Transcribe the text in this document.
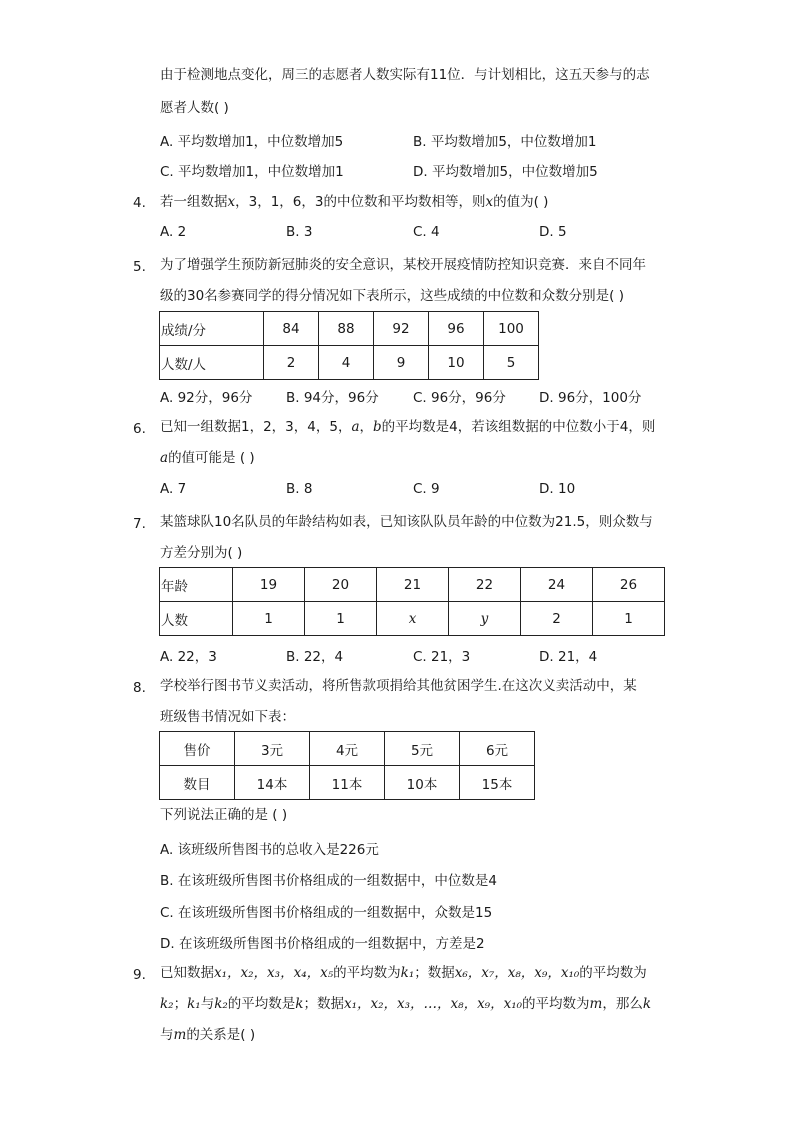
由于检测地点变化，周三的志愿者人数实际有11位．与计划相比，这五天参与的志
愿者人数( )
A. 平均数增加1，中位数增加5	B. 平均数增加5，中位数增加1
C. 平均数增加1，中位数增加1	D. 平均数增加5，中位数增加5
4. 若一组数据x，3，1，6，3的中位数和平均数相等，则x的值为( )
A. 2	B. 3	C. 4	D. 5
5. 为了增强学生预防新冠肺炎的安全意识，某校开展疫情防控知识竞赛．来自不同年
级的30名参赛同学的得分情况如下表所示，这些成绩的中位数和众数分别是( )
成绩/分	84	88	92	96	100
人数/人	2	4	9	10	5
A. 92分，96分 B. 94分，96分	C. 96分，96分 D. 96分，100分
6. 已知一组数据1，2，3，4，5，a，b的平均数是4，若该组数据的中位数小于4，则
a的值可能是 ( )
A. 7	B. 8	C. 9	D. 10
7. 某篮球队10名队员的年龄结构如表，已知该队队员年龄的中位数为21.5，则众数与
方差分别为( )
年龄	19	20	21	22	24	26
人数	1	1	x	y	2	1
A. 22，3	B. 22，4	C. 21，3	D. 21，4
8. 学校举行图书节义卖活动，将所售款项捐给其他贫困学生.在这次义卖活动中，某
班级售书情况如下表：
售价	3元	4元	5元	6元
数目	14本	11本	10本	15本
下列说法正确的是 ( )
A. 该班级所售图书的总收入是226元
B. 在该班级所售图书价格组成的一组数据中，中位数是4
C. 在该班级所售图书价格组成的一组数据中，众数是15
D. 在该班级所售图书价格组成的一组数据中，方差是2
9. 已知数据x₁，x₂，x₃，x₄，x₅的平均数为k₁；数据x₆，x₇，x₈，x₉，x₁₀的平均数为
k₂；k₁与k₂的平均数是k；数据x₁，x₂，x₃，…，x₈，x₉，x₁₀的平均数为m，那么k
与m的关系是( )
